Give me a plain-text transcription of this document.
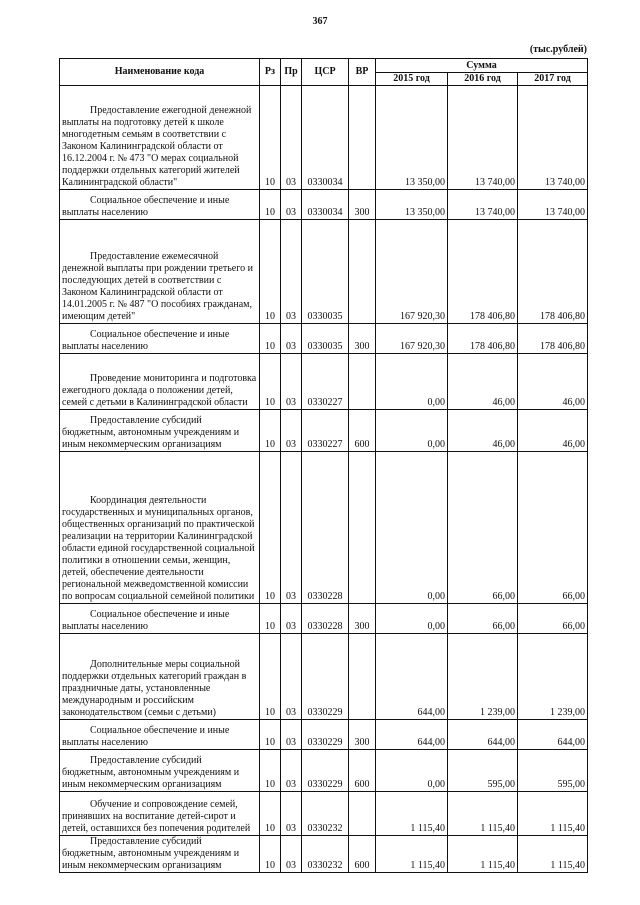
367
(тыс.рублей)
Наименование кода	Рз	Пр	ЦСР	ВР	Сумма		
					2015 год	2016 год	2017 год
Предоставление ежегодной денежной выплаты на подготовку детей к школе многодетным семьям в соответствии с Законом Калининградской области от 16.12.2004 г. № 473 "О мерах социальной поддержки отдельных категорий жителей Калининградской области"	10	03	0330034		13 350,00	13 740,00	13 740,00
Социальное обеспечение и иные выплаты населению	10	03	0330034	300	13 350,00	13 740,00	13 740,00
Предоставление ежемесячной денежной выплаты при рождении третьего и последующих детей в соответствии с Законом Калининградской области от 14.01.2005 г. № 487 "О пособиях гражданам, имеющим детей"	10	03	0330035		167 920,30	178 406,80	178 406,80
Социальное обеспечение и иные выплаты населению	10	03	0330035	300	167 920,30	178 406,80	178 406,80
Проведение мониторинга и подготовка ежегодного доклада о положении детей, семей с детьми в Калининградской области	10	03	0330227		0,00	46,00	46,00
Предоставление субсидий бюджетным, автономным учреждениям и иным некоммерческим организациям	10	03	0330227	600	0,00	46,00	46,00
Координация деятельности государственных и муниципальных органов, общественных организаций по практической реализации на территории Калининградской области единой государственной социальной политики в отношении семьи, женщин, детей, обеспечение деятельности региональной межведомственной комиссии по вопросам социальной семейной политики	10	03	0330228		0,00	66,00	66,00
Социальное обеспечение и иные выплаты населению	10	03	0330228	300	0,00	66,00	66,00
Дополнительные меры социальной поддержки отдельных категорий граждан в праздничные даты, установленные международным и российским законодательством (семьи с детьми)	10	03	0330229		644,00	1 239,00	1 239,00
Социальное обеспечение и иные выплаты населению	10	03	0330229	300	644,00	644,00	644,00
Предоставление субсидий бюджетным, автономным учреждениям и иным некоммерческим организациям	10	03	0330229	600	0,00	595,00	595,00
Обучение и сопровождение семей, принявших на воспитание детей-сирот и детей, оставшихся без попечения родителей	10	03	0330232		1 115,40	1 115,40	1 115,40
Предоставление субсидий бюджетным, автономным учреждениям и иным некоммерческим организациям	10	03	0330232	600	1 115,40	1 115,40	1 115,40
